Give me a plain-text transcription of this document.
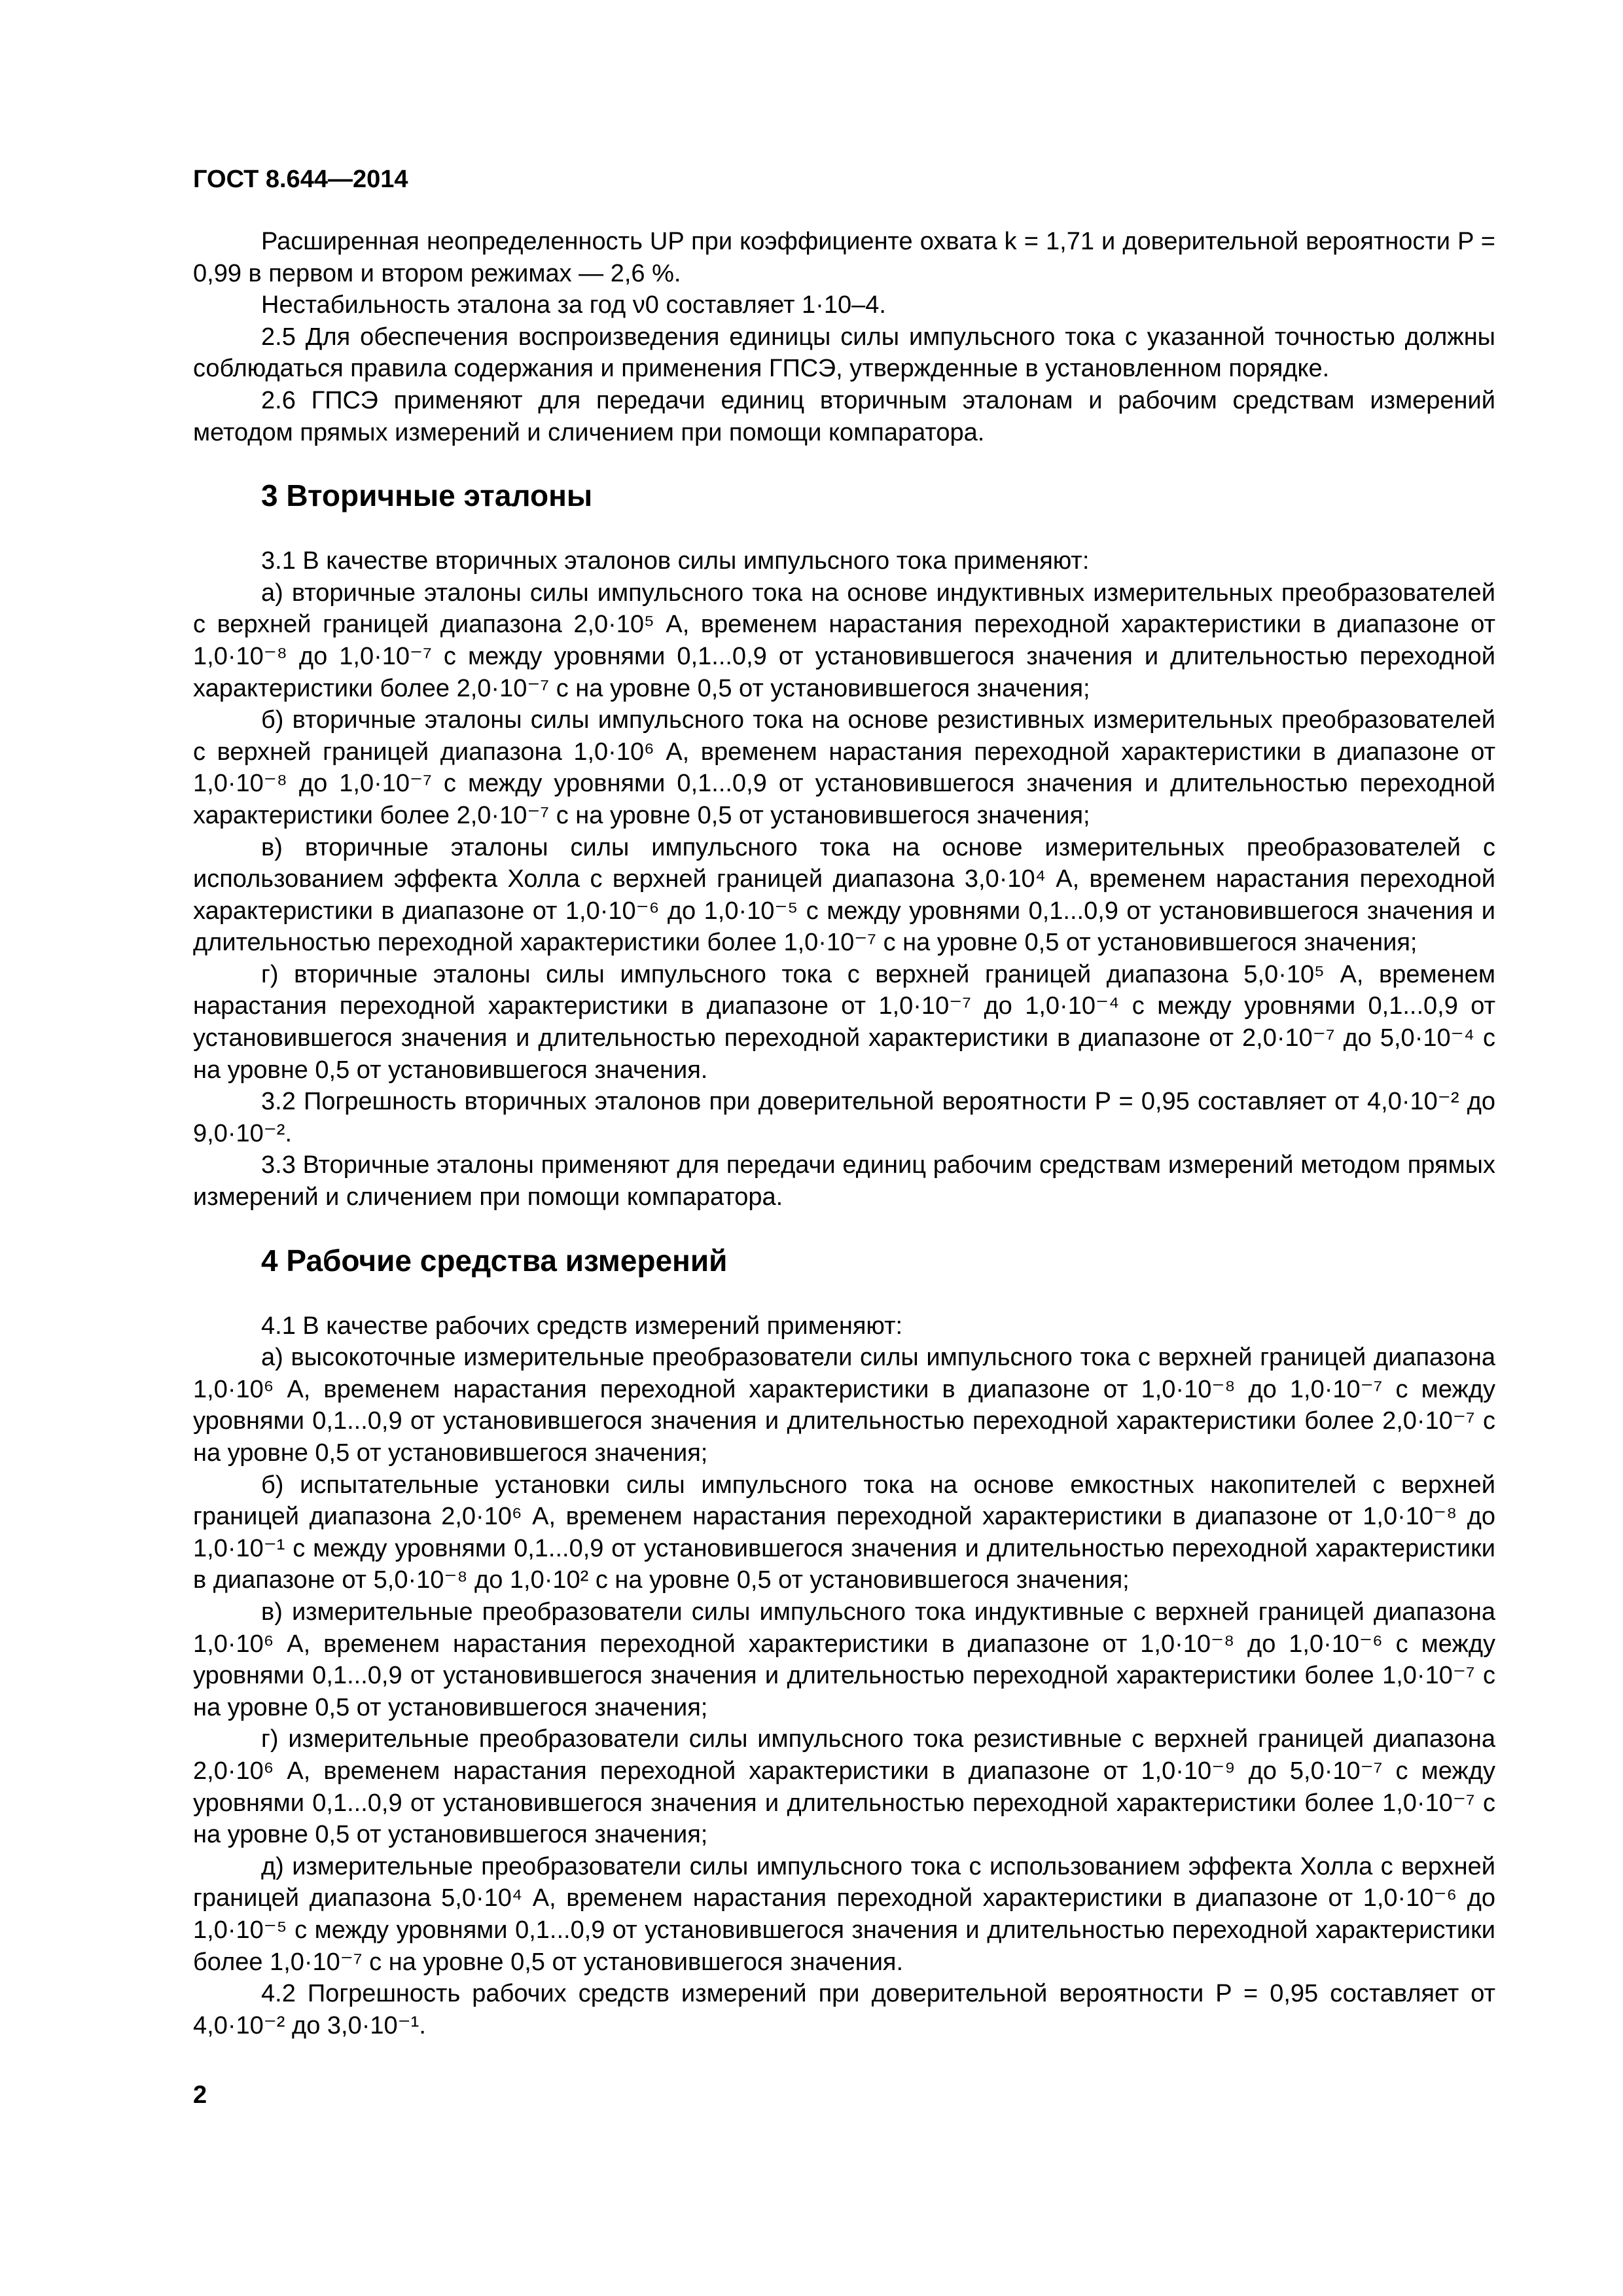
ГОСТ 8.644—2014

Расширенная неопределенность UP при коэффициенте охвата k = 1,71 и доверительной вероятности P = 0,99 в первом и втором режимах — 2,6 %.

Нестабильность эталона за год ν0 составляет 1·10–4.

2.5 Для обеспечения воспроизведения единицы силы импульсного тока с указанной точностью должны соблюдаться правила содержания и применения ГПСЭ, утвержденные в установленном порядке.

2.6 ГПСЭ применяют для передачи единиц вторичным эталонам и рабочим средствам измерений методом прямых измерений и сличением при помощи компаратора.

3 Вторичные эталоны

3.1 В качестве вторичных эталонов силы импульсного тока применяют:

а) вторичные эталоны силы импульсного тока на основе индуктивных измерительных преобразователей с верхней границей диапазона 2,0·10⁵ А, временем нарастания переходной характеристики в диапазоне от 1,0·10⁻⁸ до 1,0·10⁻⁷ с между уровнями 0,1...0,9 от установившегося значения и длительностью переходной характеристики более 2,0·10⁻⁷ с на уровне 0,5 от установившегося значения;

б) вторичные эталоны силы импульсного тока на основе резистивных измерительных преобразователей с верхней границей диапазона 1,0·10⁶ А, временем нарастания переходной характеристики в диапазоне от 1,0·10⁻⁸ до 1,0·10⁻⁷ с между уровнями 0,1...0,9 от установившегося значения и длительностью переходной характеристики более 2,0·10⁻⁷ с на уровне 0,5 от установившегося значения;

в) вторичные эталоны силы импульсного тока на основе измерительных преобразователей с использованием эффекта Холла с верхней границей диапазона 3,0·10⁴ А, временем нарастания переходной характеристики в диапазоне от 1,0·10⁻⁶ до 1,0·10⁻⁵ с между уровнями 0,1...0,9 от установившегося значения и длительностью переходной характеристики более 1,0·10⁻⁷ с на уровне 0,5 от установившегося значения;

г) вторичные эталоны силы импульсного тока с верхней границей диапазона 5,0·10⁵ А, временем нарастания переходной характеристики в диапазоне от 1,0·10⁻⁷ до 1,0·10⁻⁴ с между уровнями 0,1...0,9 от установившегося значения и длительностью переходной характеристики в диапазоне от 2,0·10⁻⁷ до 5,0·10⁻⁴ с на уровне 0,5 от установившегося значения.

3.2 Погрешность вторичных эталонов при доверительной вероятности P = 0,95 составляет от 4,0·10⁻² до 9,0·10⁻².

3.3 Вторичные эталоны применяют для передачи единиц рабочим средствам измерений методом прямых измерений и сличением при помощи компаратора.

4 Рабочие средства измерений

4.1 В качестве рабочих средств измерений применяют:

а) высокоточные измерительные преобразователи силы импульсного тока с верхней границей диапазона 1,0·10⁶ А, временем нарастания переходной характеристики в диапазоне от 1,0·10⁻⁸ до 1,0·10⁻⁷ с между уровнями 0,1...0,9 от установившегося значения и длительностью переходной характеристики более 2,0·10⁻⁷ с на уровне 0,5 от установившегося значения;

б) испытательные установки силы импульсного тока на основе емкостных накопителей с верхней границей диапазона 2,0·10⁶ А, временем нарастания переходной характеристики в диапазоне от 1,0·10⁻⁸ до 1,0·10⁻¹ с между уровнями 0,1...0,9 от установившегося значения и длительностью переходной характеристики в диапазоне от 5,0·10⁻⁸ до 1,0·10² с на уровне 0,5 от установившегося значения;

в) измерительные преобразователи силы импульсного тока индуктивные с верхней границей диапазона 1,0·10⁶ А, временем нарастания переходной характеристики в диапазоне от 1,0·10⁻⁸ до 1,0·10⁻⁶ с между уровнями 0,1...0,9 от установившегося значения и длительностью переходной характеристики более 1,0·10⁻⁷ с на уровне 0,5 от установившегося значения;

г) измерительные преобразователи силы импульсного тока резистивные с верхней границей диапазона 2,0·10⁶ А, временем нарастания переходной характеристики в диапазоне от 1,0·10⁻⁹ до 5,0·10⁻⁷ с между уровнями 0,1...0,9 от установившегося значения и длительностью переходной характеристики более 1,0·10⁻⁷ с на уровне 0,5 от установившегося значения;

д) измерительные преобразователи силы импульсного тока с использованием эффекта Холла с верхней границей диапазона 5,0·10⁴ А, временем нарастания переходной характеристики в диапазоне от 1,0·10⁻⁶ до 1,0·10⁻⁵ с между уровнями 0,1...0,9 от установившегося значения и длительностью переходной характеристики более 1,0·10⁻⁷ с на уровне 0,5 от установившегося значения.

4.2 Погрешность рабочих средств измерений при доверительной вероятности P = 0,95 составляет от 4,0·10⁻² до 3,0·10⁻¹.

2
